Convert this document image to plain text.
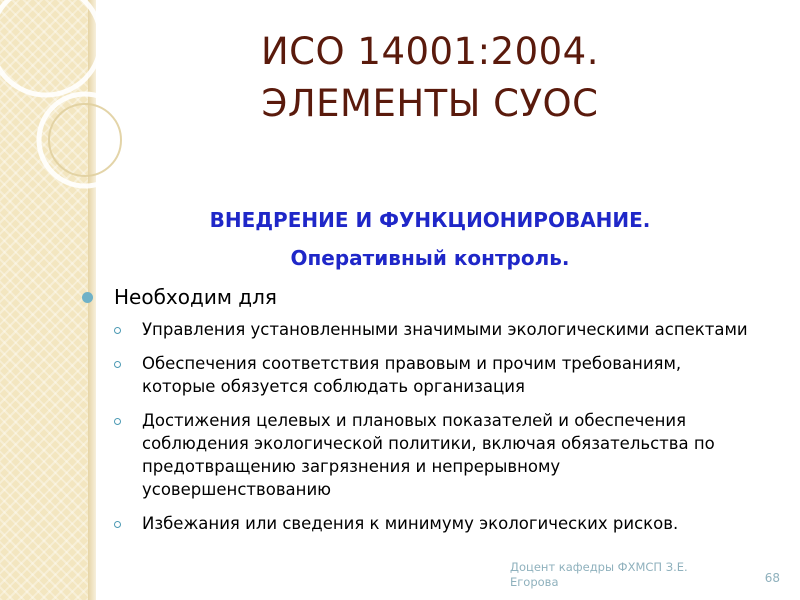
ИСО 14001:2004.
ЭЛЕМЕНТЫ СУОС
ВНЕДРЕНИЕ И ФУНКЦИОНИРОВАНИЕ.
Оперативный контроль.
Необходим для
Управления установленными значимыми экологическими аспектами
Обеспечения соответствия правовым и прочим требованиям, которые обязуется соблюдать организация
Достижения целевых и плановых показателей и обеспечения соблюдения экологической политики, включая обязательства по предотвращению загрязнения и непрерывному усовершенствованию
Избежания или сведения к минимуму экологических рисков.
Доцент кафедры ФХМСП З.Е. Егорова	68
